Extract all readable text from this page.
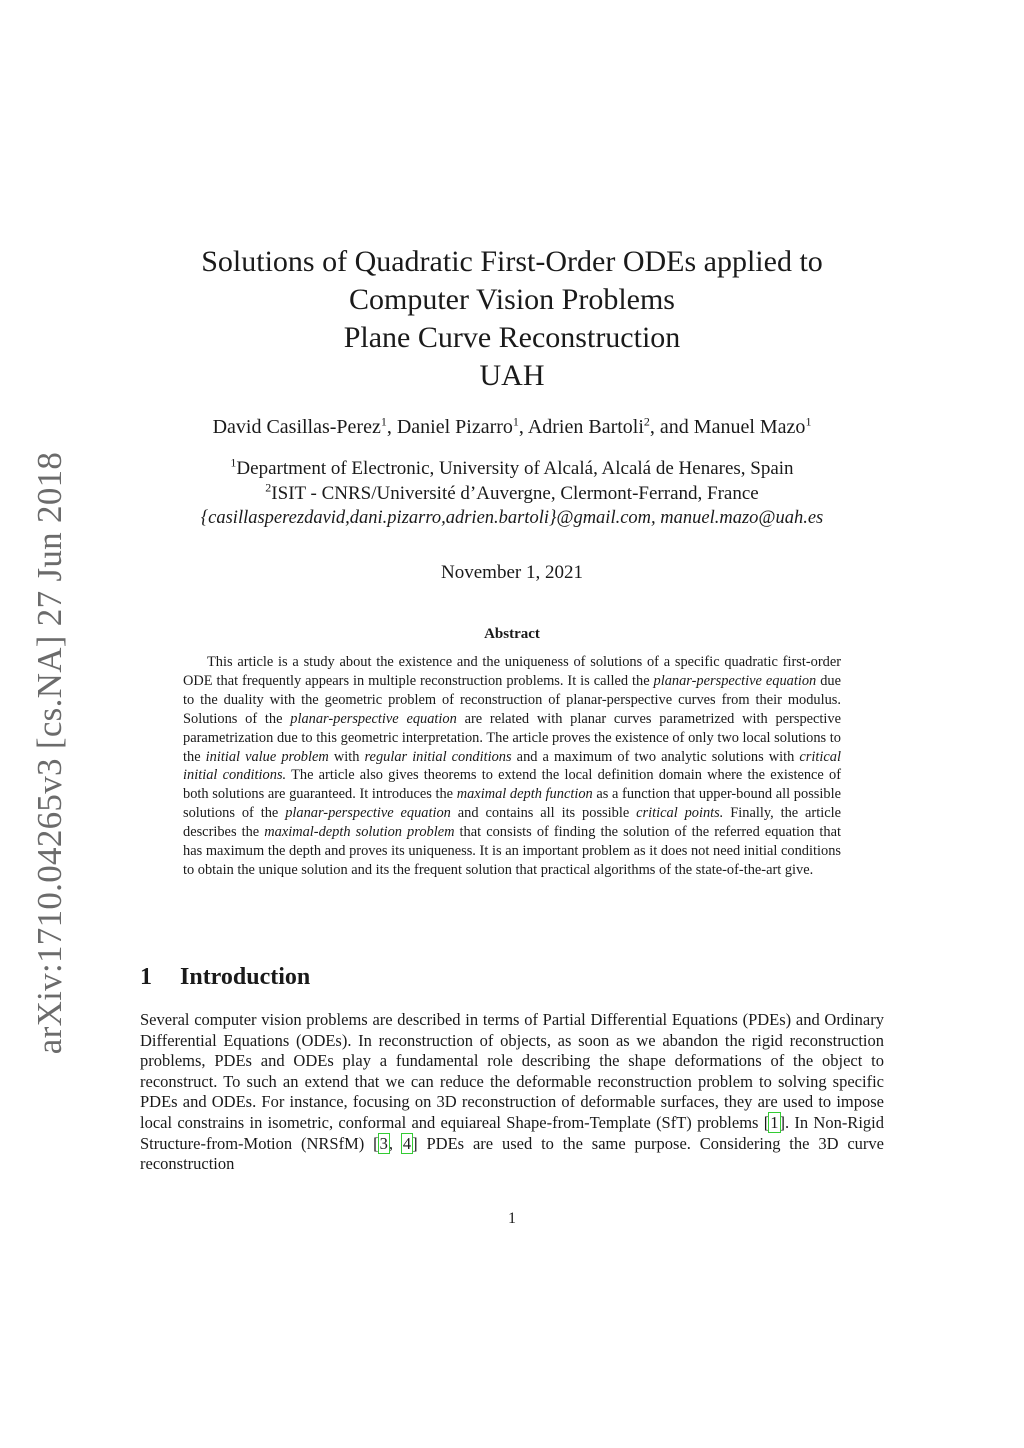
arXiv:1710.04265v3 [cs.NA] 27 Jun 2018
Solutions of Quadratic First-Order ODEs applied to
Computer Vision Problems
Plane Curve Reconstruction
UAH
David Casillas-Perez$^1$, Daniel Pizarro$^1$, Adrien Bartoli$^2$, and Manuel Mazo$^1$
$^1$Department of Electronic, University of Alcalá, Alcalá de Henares, Spain
$^2$ISIT - CNRS/Université d’Auvergne, Clermont-Ferrand, France
{casillasperezdavid,dani.pizarro,adrien.bartoli}@gmail.com, manuel.mazo@uah.es
November 1, 2021
Abstract

This article is a study about the existence and the uniqueness of solutions of a specific quadratic first-order ODE that frequently appears in multiple reconstruction problems. It is called the planar-perspective equation due to the duality with the geometric problem of reconstruction of planar-perspective curves from their modulus. Solutions of the planar-perspective equation are related with planar curves parametrized with perspective parametrization due to this geometric interpretation. The article proves the existence of only two local solutions to the initial value problem with regular initial conditions and a maximum of two analytic solutions with critical initial conditions. The article also gives theorems to extend the local definition domain where the existence of both solutions are guaranteed. It introduces the maximal depth function as a function that upper-bound all possible solutions of the planar-perspective equation and contains all its possible critical points. Finally, the article describes the maximal-depth solution problem that consists of finding the solution of the referred equation that has maximum the depth and proves its uniqueness. It is an important problem as it does not need initial conditions to obtain the unique solution and its the frequent solution that practical algorithms of the state-of-the-art give.

1 Introduction

Several computer vision problems are described in terms of Partial Differential Equations (PDEs) and Ordinary Differential Equations (ODEs). In reconstruction of objects, as soon as we abandon the rigid reconstruction problems, PDEs and ODEs play a fundamental role describing the shape deformations of the object to reconstruct. To such an extend that we can reduce the deformable reconstruction problem to solving specific PDEs and ODEs. For instance, focusing on 3D reconstruction of deformable surfaces, they are used to impose local constrains in isometric, conformal and equiareal Shape-from-Template (SfT) problems [1]. In Non-Rigid Structure-from-Motion (NRSfM) [3, 4] PDEs are used to the same purpose. Considering the 3D curve reconstruction

1
